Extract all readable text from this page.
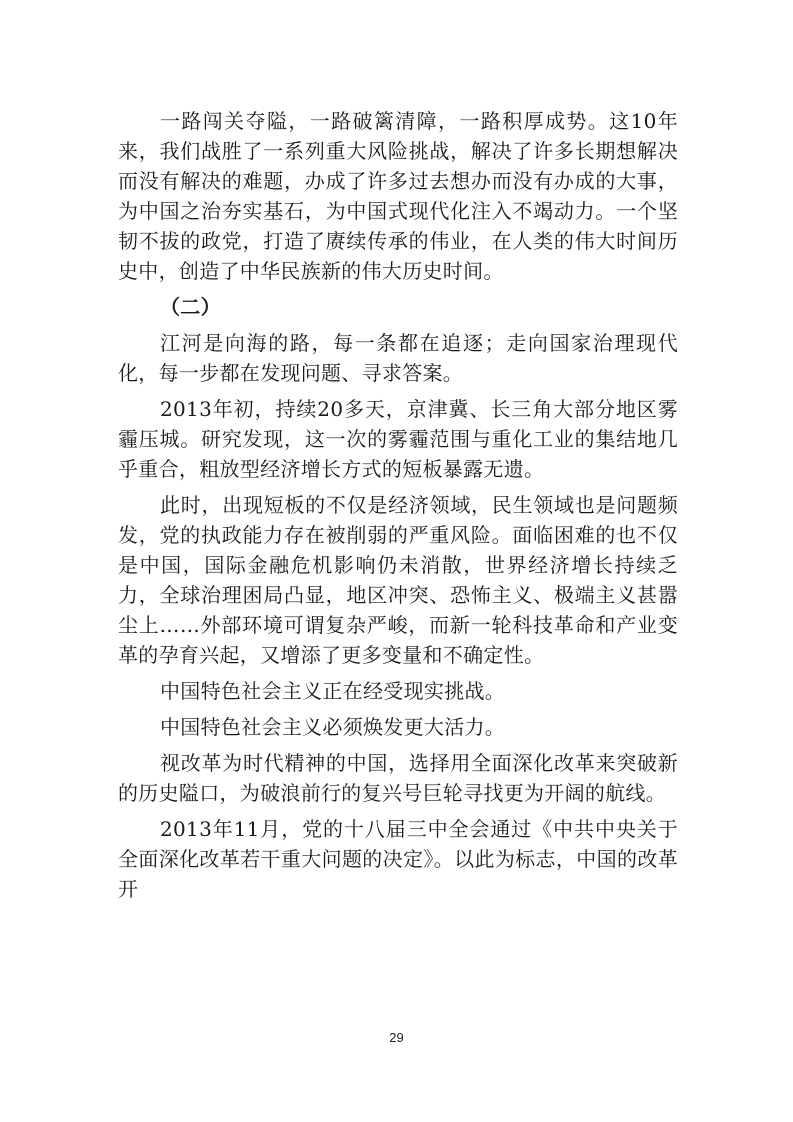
一路闯关夺隘，一路破篱清障，一路积厚成势。这10年来，我们战胜了一系列重大风险挑战，解决了许多长期想解决而没有解决的难题，办成了许多过去想办而没有办成的大事，为中国之治夯实基石，为中国式现代化注入不竭动力。一个坚韧不拔的政党，打造了赓续传承的伟业，在人类的伟大时间历史中，创造了中华民族新的伟大历史时间。

（二）

江河是向海的路，每一条都在追逐；走向国家治理现代化，每一步都在发现问题、寻求答案。

2013年初，持续20多天，京津冀、长三角大部分地区雾霾压城。研究发现，这一次的雾霾范围与重化工业的集结地几乎重合，粗放型经济增长方式的短板暴露无遗。

此时，出现短板的不仅是经济领域，民生领域也是问题频发，党的执政能力存在被削弱的严重风险。面临困难的也不仅是中国，国际金融危机影响仍未消散，世界经济增长持续乏力，全球治理困局凸显，地区冲突、恐怖主义、极端主义甚嚣尘上……外部环境可谓复杂严峻，而新一轮科技革命和产业变革的孕育兴起，又增添了更多变量和不确定性。

中国特色社会主义正在经受现实挑战。

中国特色社会主义必须焕发更大活力。

视改革为时代精神的中国，选择用全面深化改革来突破新的历史隘口，为破浪前行的复兴号巨轮寻找更为开阔的航线。

2013年11月，党的十八届三中全会通过《中共中央关于全面深化改革若干重大问题的决定》。以此为标志，中国的改革开

29
